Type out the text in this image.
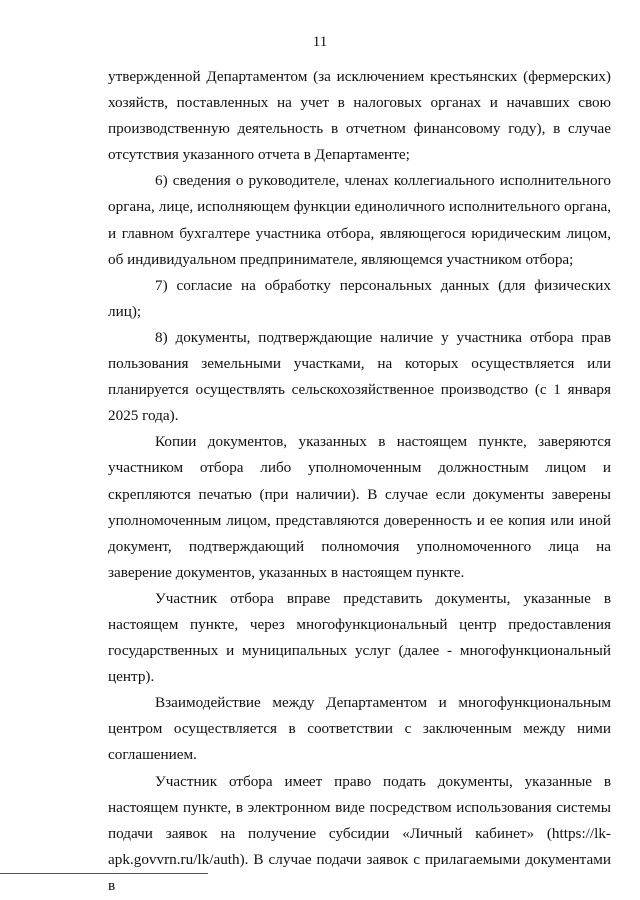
11

утвержденной Департаментом (за исключением крестьянских (фермерских) хозяйств, поставленных на учет в налоговых органах и начавших свою производственную деятельность в отчетном финансовому году), в случае отсутствия указанного отчета в Департаменте;

6) сведения о руководителе, членах коллегиального исполнительного органа, лице, исполняющем функции единоличного исполнительного органа, и главном бухгалтере участника отбора, являющегося юридическим лицом, об индивидуальном предпринимателе, являющемся участником отбора;

7) согласие на обработку персональных данных (для физических лиц);

8) документы, подтверждающие наличие у участника отбора прав пользования земельными участками, на которых осуществляется или планируется осуществлять сельскохозяйственное производство (с 1 января 2025 года).

Копии документов, указанных в настоящем пункте, заверяются участником отбора либо уполномоченным должностным лицом и скрепляются печатью (при наличии). В случае если документы заверены уполномоченным лицом, представляются доверенность и ее копия или иной документ, подтверждающий полномочия уполномоченного лица на заверение документов, указанных в настоящем пункте.

Участник отбора вправе представить документы, указанные в настоящем пункте, через многофункциональный центр предоставления государственных и муниципальных услуг (далее - многофункциональный центр).

Взаимодействие между Департаментом и многофункциональным центром осуществляется в соответствии с заключенным между ними соглашением.

Участник отбора имеет право подать документы, указанные в настоящем пункте, в электронном виде посредством использования системы подачи заявок на получение субсидии «Личный кабинет» (https://lk-apk.govvrn.ru/lk/auth). В случае подачи заявок с прилагаемыми документами в
